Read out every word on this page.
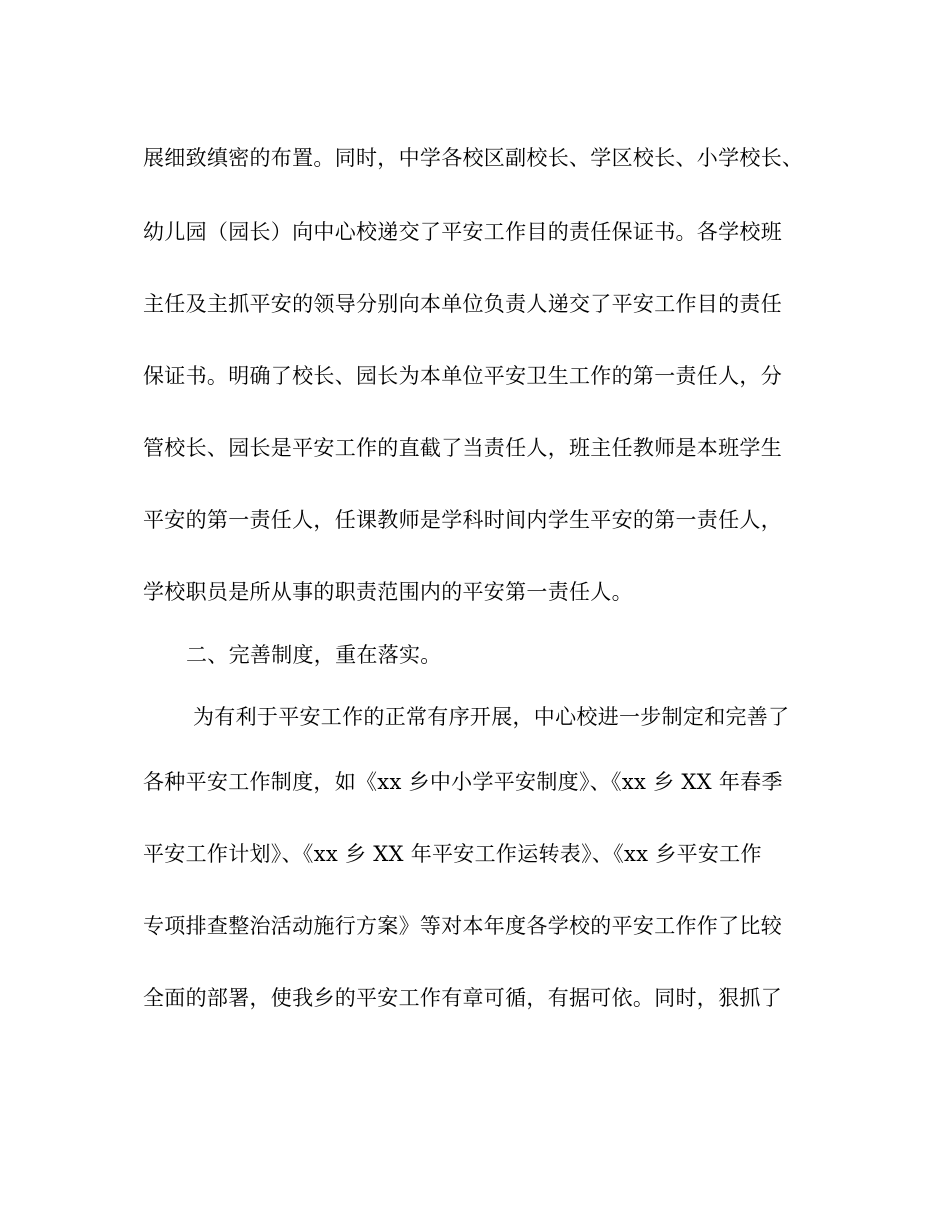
展细致缜密的布置。同时，中学各校区副校长、学区校长、小学校长、
幼儿园（园长）向中心校递交了平安工作目的责任保证书。各学校班
主任及主抓平安的领导分别向本单位负责人递交了平安工作目的责任
保证书。明确了校长、园长为本单位平安卫生工作的第一责任人，分
管校长、园长是平安工作的直截了当责任人，班主任教师是本班学生
平安的第一责任人，任课教师是学科时间内学生平安的第一责任人，
学校职员是所从事的职责范围内的平安第一责任人。
二、完善制度，重在落实。
为有利于平安工作的正常有序开展，中心校进一步制定和完善了
各种平安工作制度，如《xx 乡中小学平安制度》、《xx 乡 XX 年春季
平安工作计划》、《xx 乡 XX 年平安工作运转表》、《xx 乡平安工作
专项排查整治活动施行方案》等对本年度各学校的平安工作作了比较
全面的部署，使我乡的平安工作有章可循，有据可依。同时，狠抓了
